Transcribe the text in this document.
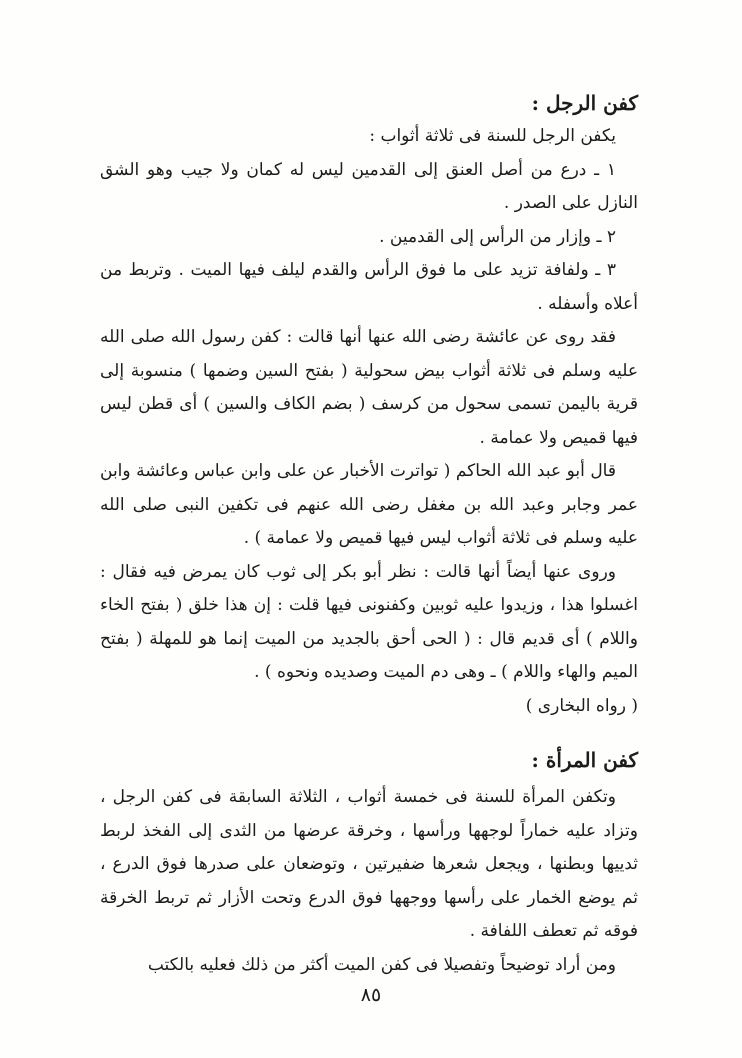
كفن الرجل :

يكفن الرجل للسنة فى ثلاثة أثواب :

١ ـ درع من أصل العنق إلى القدمين ليس له كمان ولا جيب وهو الشق النازل على الصدر .

٢ ـ وإزار من الرأس إلى القدمين .

٣ ـ ولفافة تزيد على ما فوق الرأس والقدم ليلف فيها الميت . وتربط من أعلاه وأسفله .

فقد روى عن عائشة رضى الله عنها أنها قالت : كفن رسول الله صلى الله عليه وسلم فى ثلاثة أثواب بيض سحولية ( بفتح السين وضمها ) منسوبة إلى قرية باليمن تسمى سحول من كرسف ( بضم الكاف والسين ) أى قطن ليس فيها قميص ولا عمامة .

قال أبو عبد الله الحاكم ( تواترت الأخبار عن على وابن عباس وعائشة وابن عمر وجابر وعبد الله بن مغفل رضى الله عنهم فى تكفين النبى صلى الله عليه وسلم فى ثلاثة أثواب ليس فيها قميص ولا عمامة ) .

وروى عنها أيضاً أنها قالت : نظر أبو بكر إلى ثوب كان يمرض فيه فقال : اغسلوا هذا ، وزيدوا عليه ثوبين وكفنونى فيها قلت : إن هذا خلق ( بفتح الخاء واللام ) أى قديم قال : ( الحى أحق بالجديد من الميت إنما هو للمهلة ( بفتح الميم والهاء واللام ) ـ وهى دم الميت وصديده ونحوه ) .

( رواه البخارى )

كفن المرأة :

وتكفن المرأة للسنة فى خمسة أثواب ، الثلاثة السابقة فى كفن الرجل ، وتزاد عليه خماراً لوجهها ورأسها ، وخرقة عرضها من الثدى إلى الفخذ لربط ثدييها وبطنها ، ويجعل شعرها ضفيرتين ، وتوضعان على صدرها فوق الدرع ، ثم يوضع الخمار على رأسها ووجهها فوق الدرع وتحت الأزار ثم تربط الخرقة فوقه ثم تعطف اللفافة .

ومن أراد توضيحاً وتفصيلا فى كفن الميت أكثر من ذلك فعليه بالكتب

٨٥
